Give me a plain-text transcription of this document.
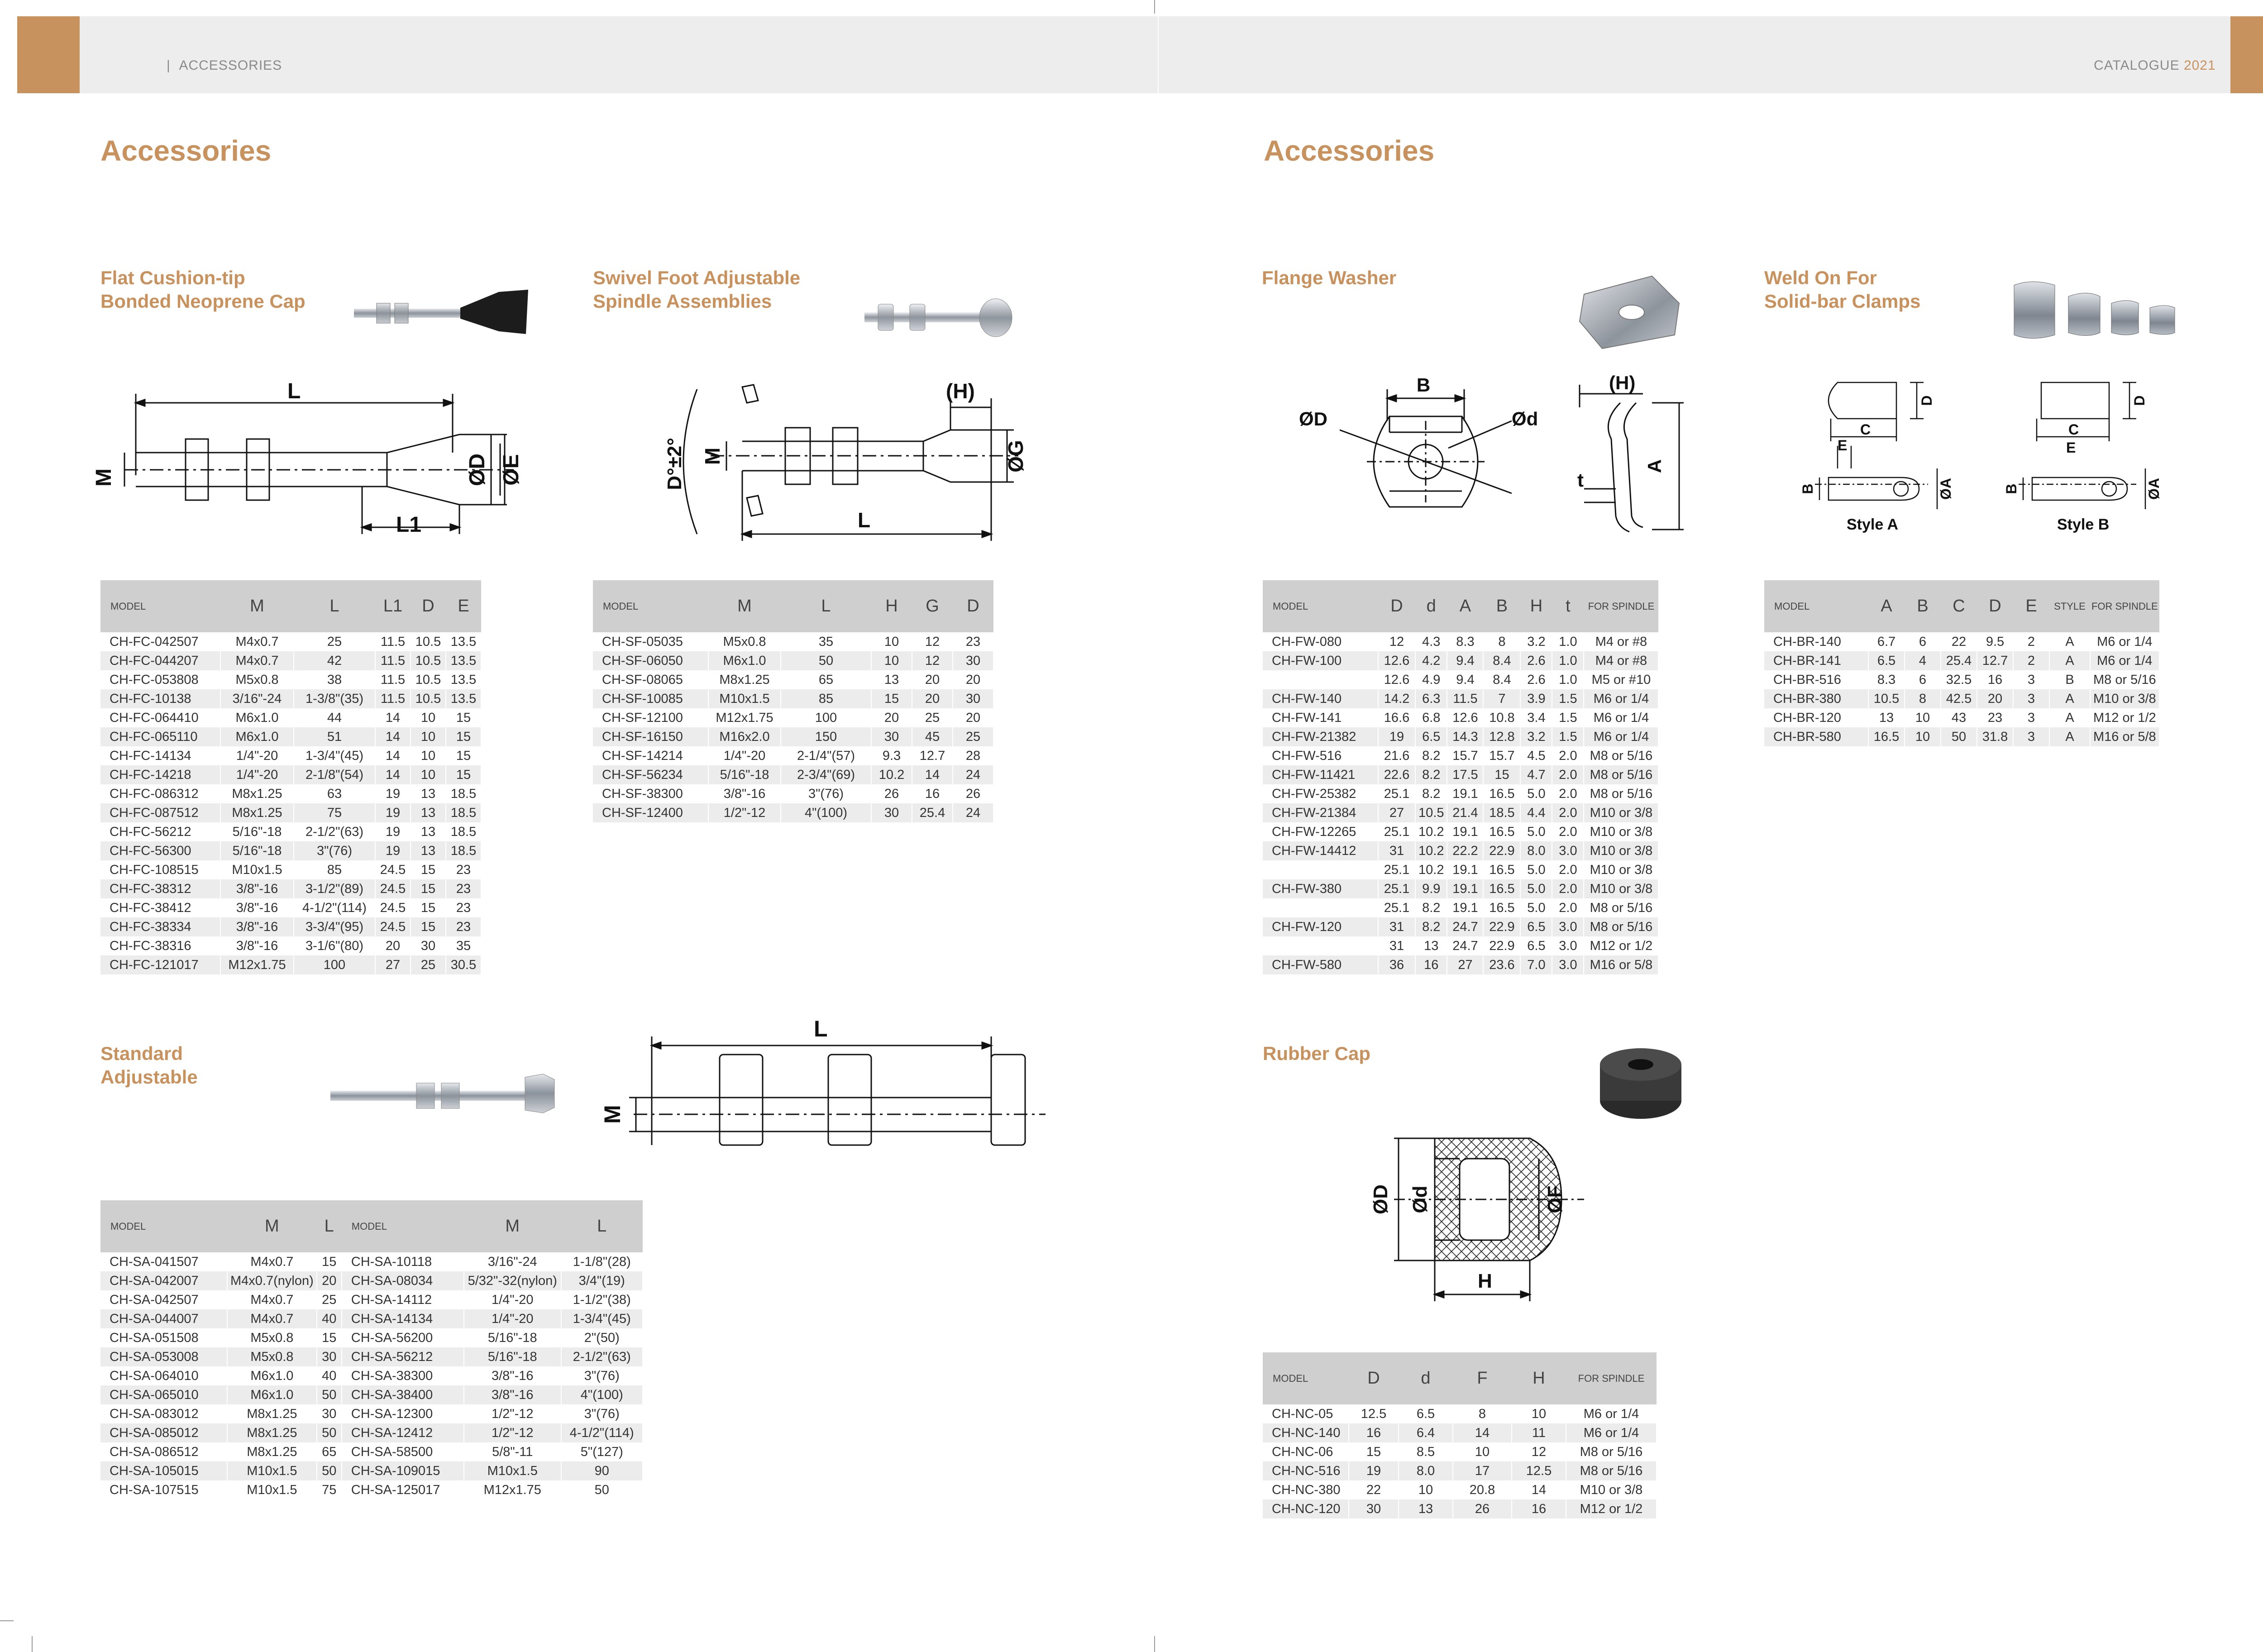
|  ACCESSORIES	CATALOGUE 2021
Accessories	Accessories
Flat Cushion-tip
Bonded Neoprene Cap
L
M	ØD ØE
L1
MODEL	M	L	L1	D	E
CH-FC-042507	M4x0.7	25	11.5	10.5	13.5
CH-FC-044207	M4x0.7	42	11.5	10.5	13.5
CH-FC-053808	M5x0.8	38	11.5	10.5	13.5
CH-FC-10138	3/16"-24	1-3/8"(35)	11.5	10.5	13.5
CH-FC-064410	M6x1.0	44	14	10	15
CH-FC-065110	M6x1.0	51	14	10	15
CH-FC-14134	1/4"-20	1-3/4"(45)	14	10	15
CH-FC-14218	1/4"-20	2-1/8"(54)	14	10	15
CH-FC-086312	M8x1.25	63	19	13	18.5
CH-FC-087512	M8x1.25	75	19	13	18.5
CH-FC-56212	5/16"-18	2-1/2"(63)	19	13	18.5
CH-FC-56300	5/16"-18	3"(76)	19	13	18.5
CH-FC-108515	M10x1.5	85	24.5	15	23
CH-FC-38312	3/8"-16	3-1/2"(89)	24.5	15	23
CH-FC-38412	3/8"-16	4-1/2"(114)	24.5	15	23
CH-FC-38334	3/8"-16	3-3/4"(95)	24.5	15	23
CH-FC-38316	3/8"-16	3-1/6"(80)	20	30	35
CH-FC-121017	M12x1.75	100	27	25	30.5
Swivel Foot Adjustable
Spindle Assemblies
(H)
M
D°±2°	ØG
L
MODEL	M	L	H	G	D
CH-SF-05035	M5x0.8	35	10	12	23
CH-SF-06050	M6x1.0	50	10	12	30
CH-SF-08065	M8x1.25	65	13	20	20
CH-SF-10085	M10x1.5	85	15	20	30
CH-SF-12100	M12x1.75	100	20	25	20
CH-SF-16150	M16x2.0	150	30	45	25
CH-SF-14214	1/4"-20	2-1/4"(57)	9.3	12.7	28
CH-SF-56234	5/16"-18	2-3/4"(69)	10.2	14	24
CH-SF-38300	3/8"-16	3"(76)	26	16	26
CH-SF-12400	1/2"-12	4"(100)	30	25.4	24
Standard
Adjustable
L
M
MODEL	M	L	MODEL	M	L
CH-SA-041507	M4x0.7	15	CH-SA-10118	3/16"-24	1-1/8"(28)
CH-SA-042007	M4x0.7(nylon)	20	CH-SA-08034	5/32"-32(nylon)	3/4"(19)
CH-SA-042507	M4x0.7	25	CH-SA-14112	1/4"-20	1-1/2"(38)
CH-SA-044007	M4x0.7	40	CH-SA-14134	1/4"-20	1-3/4"(45)
CH-SA-051508	M5x0.8	15	CH-SA-56200	5/16"-18	2"(50)
CH-SA-053008	M5x0.8	30	CH-SA-56212	5/16"-18	2-1/2"(63)
CH-SA-064010	M6x1.0	40	CH-SA-38300	3/8"-16	3"(76)
CH-SA-065010	M6x1.0	50	CH-SA-38400	3/8"-16	4"(100)
CH-SA-083012	M8x1.25	30	CH-SA-12300	1/2"-12	3"(76)
CH-SA-085012	M8x1.25	50	CH-SA-12412	1/2"-12	4-1/2"(114)
CH-SA-086512	M8x1.25	65	CH-SA-58500	5/8"-11	5"(127)
CH-SA-105015	M10x1.5	50	CH-SA-109015	M10x1.5	90
CH-SA-107515	M10x1.5	75	CH-SA-125017	M12x1.75	50
Flange Washer
B
ØD	Ød
(H)
A
t
MODEL	D	d	A	B	H	t	FOR SPINDLE
CH-FW-080	12	4.3	8.3	8	3.2	1.0	M4 or #8
CH-FW-100	12.6	4.2	9.4	8.4	2.6	1.0	M4 or #8
	12.6	4.9	9.4	8.4	2.6	1.0	M5 or #10
CH-FW-140	14.2	6.3	11.5	7	3.9	1.5	M6 or 1/4
CH-FW-141	16.6	6.8	12.6	10.8	3.4	1.5	M6 or 1/4
CH-FW-21382	19	6.5	14.3	12.8	3.2	1.5	M6 or 1/4
CH-FW-516	21.6	8.2	15.7	15.7	4.5	2.0	M8 or 5/16
CH-FW-11421	22.6	8.2	17.5	15	4.7	2.0	M8 or 5/16
CH-FW-25382	25.1	8.2	19.1	16.5	5.0	2.0	M8 or 5/16
CH-FW-21384	27	10.5	21.4	18.5	4.4	2.0	M10 or 3/8
CH-FW-12265	25.1	10.2	19.1	16.5	5.0	2.0	M10 or 3/8
CH-FW-14412	31	10.2	22.2	22.9	8.0	3.0	M10 or 3/8
	25.1	10.2	19.1	16.5	5.0	2.0	M10 or 3/8
CH-FW-380	25.1	9.9	19.1	16.5	5.0	2.0	M10 or 3/8
	25.1	8.2	19.1	16.5	5.0	2.0	M8 or 5/16
CH-FW-120	31	8.2	24.7	22.9	6.5	3.0	M8 or 5/16
	31	13	24.7	22.9	6.5	3.0	M12 or 1/2
CH-FW-580	36	16	27	23.6	7.0	3.0	M16 or 5/8
Weld On For
Solid-bar Clamps
C
D
E
B	ØA
Style A
C
D
E
B	ØA
Style B
MODEL	A	B	C	D	E	STYLE	FOR SPINDLE
CH-BR-140	6.7	6	22	9.5	2	A	M6 or 1/4
CH-BR-141	6.5	4	25.4	12.7	2	A	M6 or 1/4
CH-BR-516	8.3	6	32.5	16	3	B	M8 or 5/16
CH-BR-380	10.5	8	42.5	20	3	A	M10 or 3/8
CH-BR-120	13	10	43	23	3	A	M12 or 1/2
CH-BR-580	16.5	10	50	31.8	3	A	M16 or 5/8
Rubber Cap
ØD Ød	ØF
H
MODEL	D	d	F	H	FOR SPINDLE
CH-NC-05	12.5	6.5	8	10	M6 or 1/4
CH-NC-140	16	6.4	14	11	M6 or 1/4
CH-NC-06	15	8.5	10	12	M8 or 5/16
CH-NC-516	19	8.0	17	12.5	M8 or 5/16
CH-NC-380	22	10	20.8	14	M10 or 3/8
CH-NC-120	30	13	26	16	M12 or 1/2
